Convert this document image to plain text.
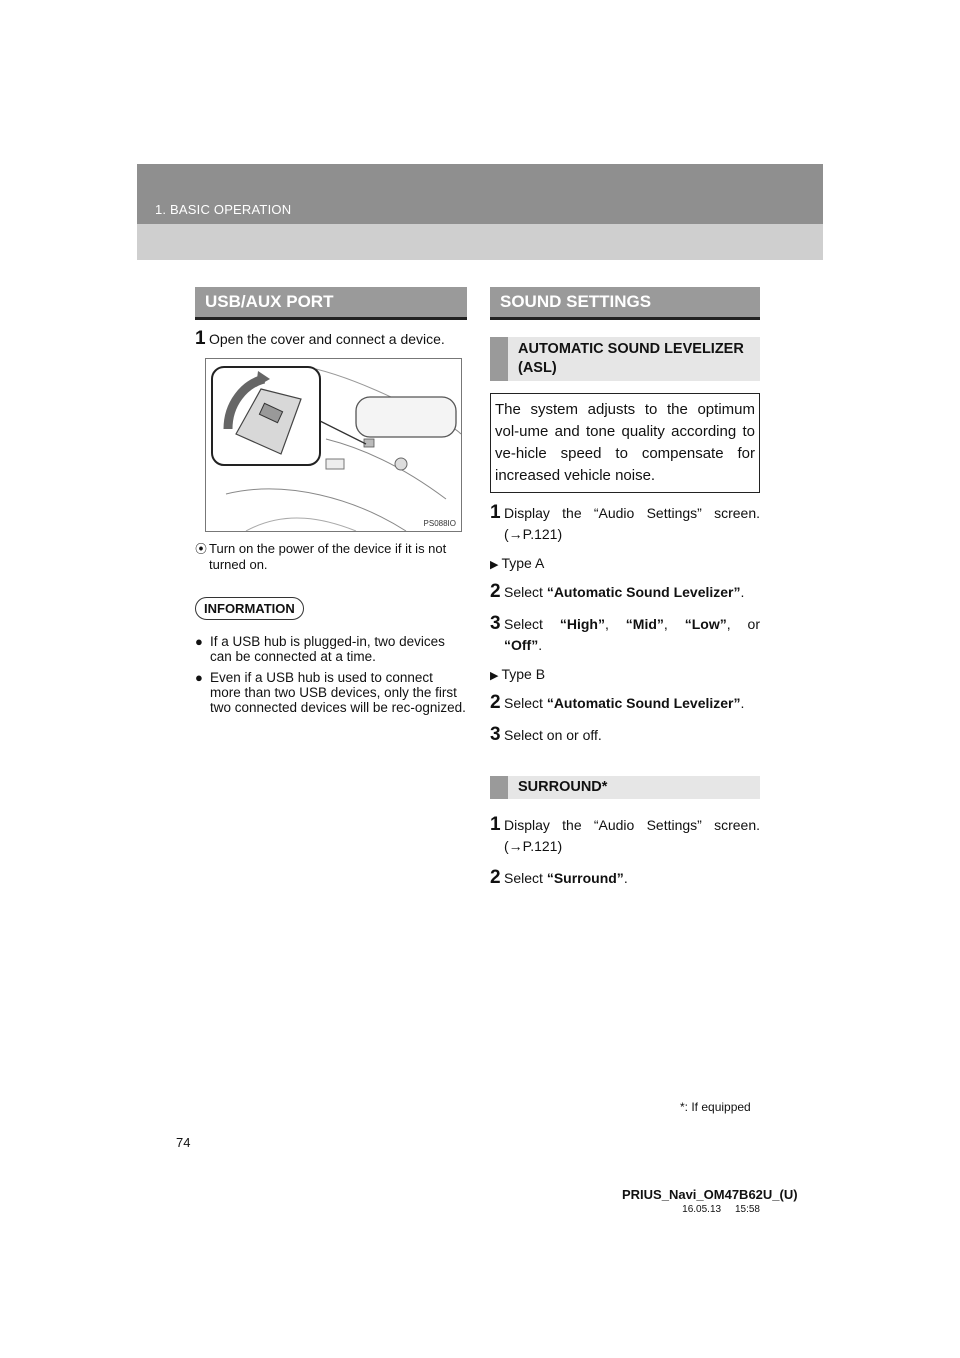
1. BASIC OPERATION
USB/AUX PORT
1 Open the cover and connect a device.
PS088IO
⦿ Turn on the power of the device if it is not turned on.
INFORMATION
● If a USB hub is plugged-in, two devices can be connected at a time.
● Even if a USB hub is used to connect more than two USB devices, only the first two connected devices will be rec-ognized.
SOUND SETTINGS
AUTOMATIC SOUND LEVELIZER (ASL)
The system adjusts to the optimum vol-ume and tone quality according to ve-hicle speed to compensate for increased vehicle noise.
1 Display the “Audio Settings” screen. (→P.121)
▶ Type A
2 Select “Automatic Sound Levelizer”.
3 Select “High”, “Mid”, “Low”, or “Off”.
▶ Type B
2 Select “Automatic Sound Levelizer”.
3 Select on or off.
SURROUND*
1 Display the “Audio Settings” screen. (→P.121)
2 Select “Surround”.
*: If equipped
74
PRIUS_Navi_OM47B62U_(U)
16.05.13     15:58
